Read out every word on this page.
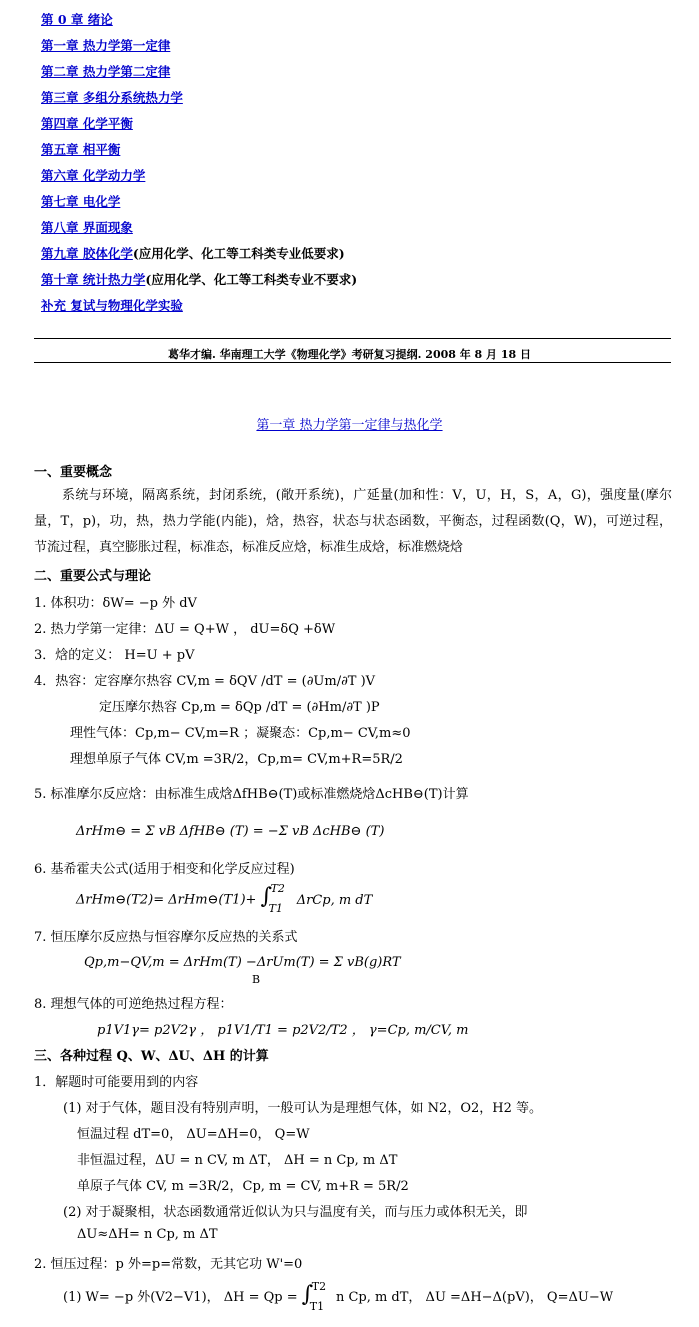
第 0 章 绪论
第一章 热力学第一定律
第二章 热力学第二定律
第三章 多组分系统热力学
第四章 化学平衡
第五章 相平衡
第六章 化学动力学
第七章 电化学
第八章 界面现象
第九章 胶体化学(应用化学、化工等工科类专业低要求)
第十章 统计热力学(应用化学、化工等工科类专业不要求)
补充 复试与物理化学实验
葛华才编. 华南理工大学《物理化学》考研复习提纲. 2008 年 8 月 18 日
第一章 热力学第一定律与热化学
一、重要概念
系统与环境，隔离系统，封闭系统，(敞开系统)，广延量(加和性：V，U，H，S，A，G)，强度量(摩尔量，T，p)，功，热，热力学能(内能)，焓，热容，状态与状态函数，平衡态，过程函数(Q，W)，可逆过程，节流过程，真空膨胀过程，标准态，标准反应焓，标准生成焓，标准燃烧焓
二、重要公式与理论
1. 体积功：δW= −p 外 dV
2. 热力学第一定律：ΔU = Q+W ， dU=δQ +δW
3．焓的定义： H=U + pV
4．热容：定容摩尔热容 CV,m = δQV /dT = (∂Um/∂T )V
定压摩尔热容 Cp,m = δQp /dT = (∂Hm/∂T )P
理性气体：Cp,m− CV,m=R ；凝聚态：Cp,m− CV,m≈0
理想单原子气体 CV,m =3R/2，Cp,m= CV,m+R=5R/2
5. 标准摩尔反应焓：由标准生成焓ΔfHB⊖(T)或标准燃烧焓ΔcHB⊖(T)计算
ΔrHm⊖ = Σ vB ΔfHB⊖ (T) = −Σ vB ΔcHB⊖ (T)
6. 基希霍夫公式(适用于相变和化学反应过程)
ΔrHm⊖(T2)= ΔrHm⊖(T1)+ ∫
T2
T1
ΔrCp, m dT
7. 恒压摩尔反应热与恒容摩尔反应热的关系式
Qp,m−QV,m = ΔrHm(T) −ΔrUm(T) = Σ vB(g)RT
B
8. 理想气体的可逆绝热过程方程：
p1V1γ= p2V2γ ， p1V1/T1 = p2V2/T2 ， γ=Cp, m/CV, m
三、各种过程 Q、W、ΔU、ΔH 的计算
1．解题时可能要用到的内容
(1) 对于气体，题目没有特别声明，一般可认为是理想气体，如 N2，O2，H2 等。
恒温过程 dT=0， ΔU=ΔH=0， Q=W
非恒温过程，ΔU = n CV, m ΔT， ΔH = n Cp, m ΔT
单原子气体 CV, m =3R/2，Cp, m = CV, m+R = 5R/2
(2) 对于凝聚相，状态函数通常近似认为只与温度有关，而与压力或体积无关，即
ΔU≈ΔH= n Cp, m ΔT
2. 恒压过程：p 外=p=常数，无其它功 W'=0
(1) W= −p 外(V2−V1)， ΔH = Qp = ∫
T2
T1
n Cp, m dT， ΔU =ΔH−Δ(pV)， Q=ΔU−W
